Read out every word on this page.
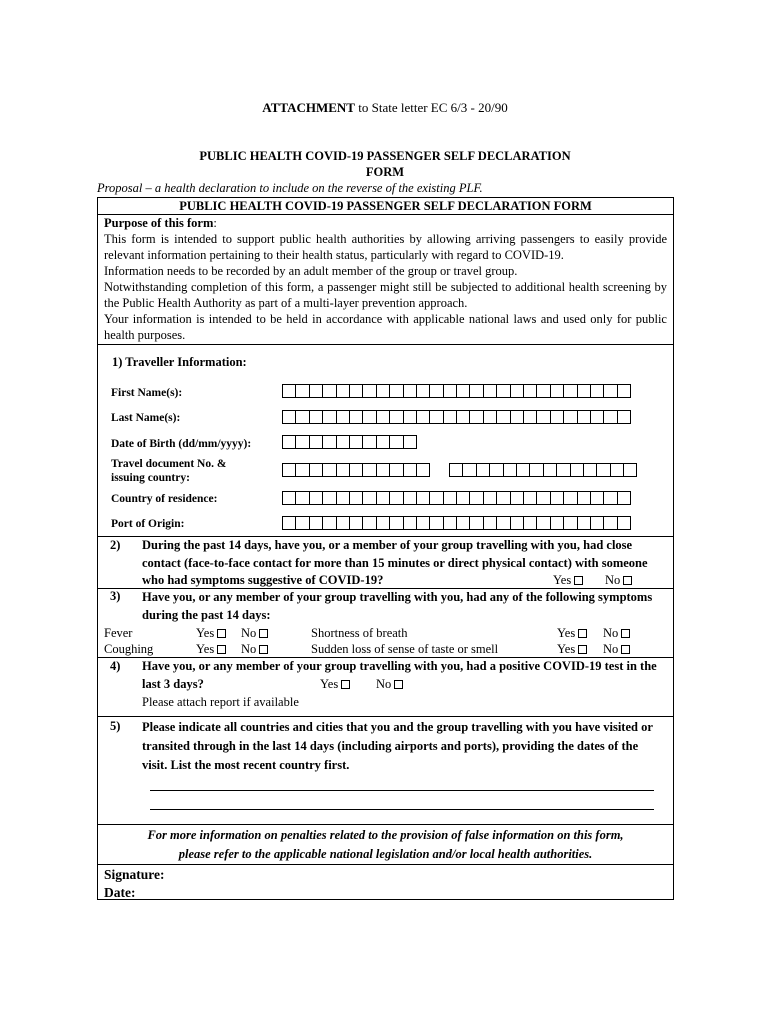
ATTACHMENT to State letter EC 6/3 - 20/90
PUBLIC HEALTH COVID-19 PASSENGER SELF DECLARATION
FORM
Proposal – a health declaration to include on the reverse of the existing PLF.
PUBLIC HEALTH COVID-19 PASSENGER SELF DECLARATION FORM
Purpose of this form:

This form is intended to support public health authorities by allowing arriving passengers to easily provide relevant information pertaining to their health status, particularly with regard to COVID-19.

Information needs to be recorded by an adult member of the group or travel group.

Notwithstanding completion of this form, a passenger might still be subjected to additional health screening by the Public Health Authority as part of a multi-layer prevention approach.

Your information is intended to be held in accordance with applicable national laws and used only for public health purposes.

1) Traveller Information:
First Name(s):
Last Name(s):
Date of Birth (dd/mm/yyyy):
Travel document No. &
issuing country:
Country of residence:
Port of Origin:
2) During the past 14 days, have you, or a member of your group travelling with you, had close contact (face-to-face contact for more than 15 minutes or direct physical contact) with someone who had symptoms suggestive of COVID-19?	Yes	No
3) Have you, or any member of your group travelling with you, had any of the following symptoms during the past 14 days:
Fever	Yes	No	Shortness of breath	Yes	No
Coughing	Yes	No	Sudden loss of sense of taste or smell	Yes	No
4) Have you, or any member of your group travelling with you, had a positive COVID-19 test in the last 3 days?	Yes	No
Please attach report if available
5) Please indicate all countries and cities that you and the group travelling with you have visited or transited through in the last 14 days (including airports and ports), providing the dates of the visit. List the most recent country first.
For more information on penalties related to the provision of false information on this form,
please refer to the applicable national legislation and/or local health authorities.
Signature:
Date:
